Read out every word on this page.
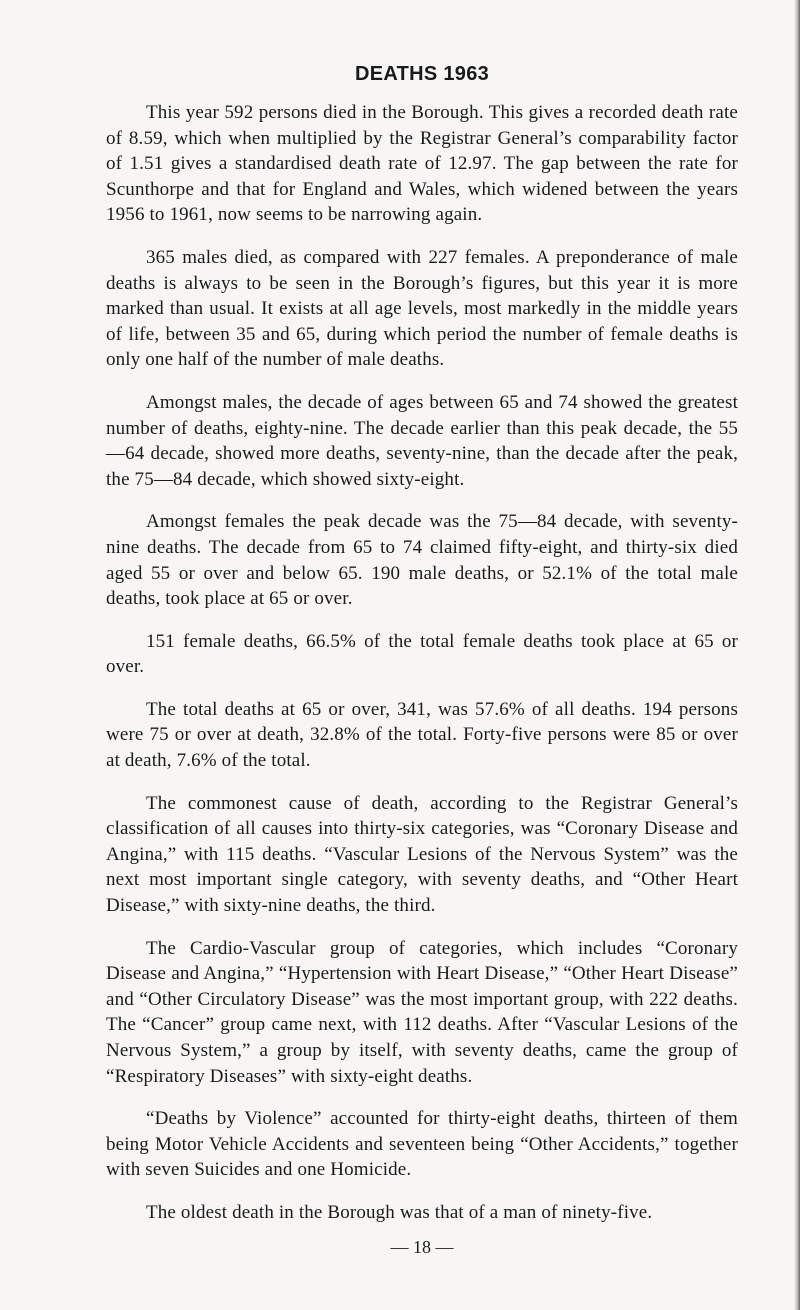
DEATHS 1963

This year 592 persons died in the Borough. This gives a recorded death rate of 8.59, which when multiplied by the Registrar General’s comparability factor of 1.51 gives a standardised death rate of 12.97. The gap between the rate for Scunthorpe and that for England and Wales, which widened between the years 1956 to 1961, now seems to be narrowing again.

365 males died, as compared with 227 females. A preponderance of male deaths is always to be seen in the Borough’s figures, but this year it is more marked than usual. It exists at all age levels, most markedly in the middle years of life, between 35 and 65, during which period the number of female deaths is only one half of the number of male deaths.

Amongst males, the decade of ages between 65 and 74 showed the greatest number of deaths, eighty-nine. The decade earlier than this peak decade, the 55—64 decade, showed more deaths, seventy-nine, than the decade after the peak, the 75—84 decade, which showed sixty-eight.

Amongst females the peak decade was the 75—84 decade, with seventy-nine deaths. The decade from 65 to 74 claimed fifty-eight, and thirty-six died aged 55 or over and below 65. 190 male deaths, or 52.1% of the total male deaths, took place at 65 or over.

151 female deaths, 66.5% of the total female deaths took place at 65 or over.

The total deaths at 65 or over, 341, was 57.6% of all deaths. 194 persons were 75 or over at death, 32.8% of the total. Forty-five persons were 85 or over at death, 7.6% of the total.

The commonest cause of death, according to the Registrar General’s classification of all causes into thirty-six categories, was “Coronary Disease and Angina,” with 115 deaths. “Vascular Lesions of the Nervous System” was the next most important single category, with seventy deaths, and “Other Heart Disease,” with sixty-nine deaths, the third.

The Cardio-Vascular group of categories, which includes “Coronary Disease and Angina,” “Hypertension with Heart Disease,” “Other Heart Disease” and “Other Circulatory Disease” was the most important group, with 222 deaths. The “Cancer” group came next, with 112 deaths. After “Vascular Lesions of the Nervous System,” a group by itself, with seventy deaths, came the group of “Respiratory Diseases” with sixty-eight deaths.

“Deaths by Violence” accounted for thirty-eight deaths, thirteen of them being Motor Vehicle Accidents and seventeen being “Other Accidents,” together with seven Suicides and one Homicide.

The oldest death in the Borough was that of a man of ninety-five.

— 18 —
